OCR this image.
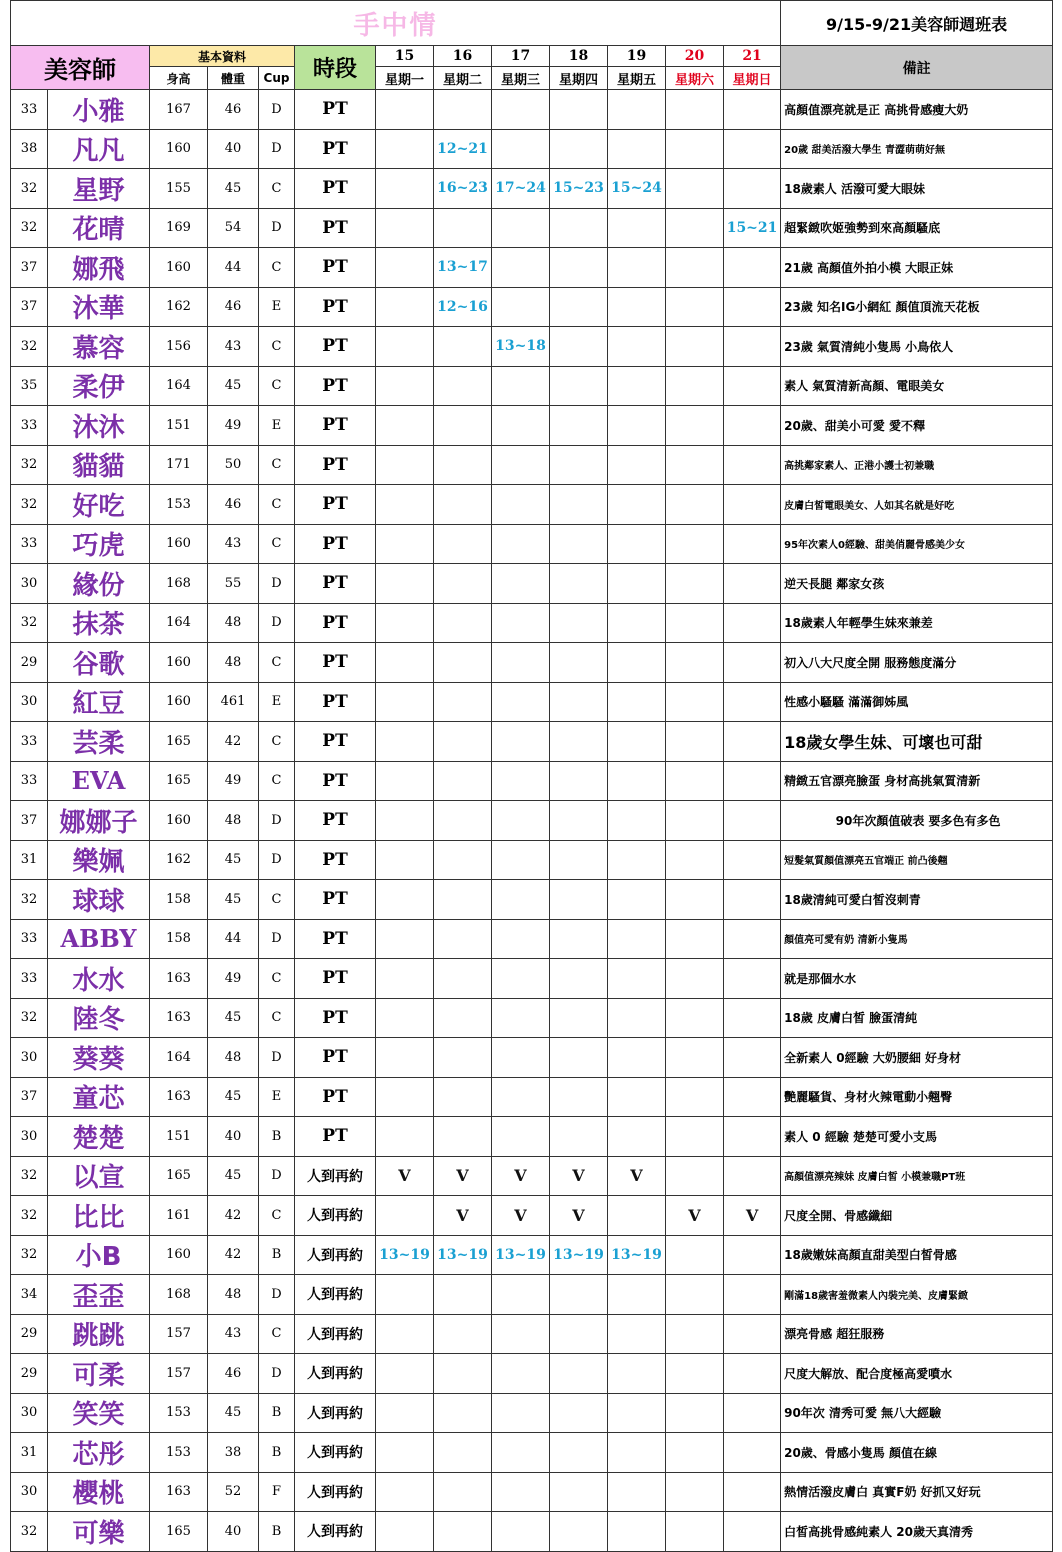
手中情													9/15-9/21美容師週班表
美容師		基本資料			時段	15	16	17	18	19	20	21	備註
		身高	體重	Cup		星期一	星期二	星期三	星期四	星期五	星期六	星期日	
33	小雅	167	46	D	PT								高顏值漂亮就是正 高挑骨感瘦大奶
38	凡凡	160	40	D	PT		12~21						20歲 甜美活潑大學生 青澀萌萌好無
32	星野	155	45	C	PT		16~23	17~24	15~23	15~24			18歲素人 活潑可愛大眼妹
32	花晴	169	54	D	PT							15~21	超緊緻吹姬強勢到來高顏騷底
37	娜飛	160	44	C	PT		13~17						21歲 高顏值外拍小模 大眼正妹
37	沐華	162	46	E	PT		12~16						23歲 知名IG小網紅 顏值頂流天花板
32	慕容	156	43	C	PT			13~18					23歲 氣質清純小隻馬 小鳥依人
35	柔伊	164	45	C	PT								素人 氣質清新高顏、電眼美女
33	沐沐	151	49	E	PT								20歲、甜美小可愛 愛不釋
32	貓貓	171	50	C	PT								高挑鄰家素人、正港小護士初兼職
32	好吃	153	46	C	PT								皮膚白皙電眼美女、人如其名就是好吃
33	巧虎	160	43	C	PT								95年次素人0經驗、甜美俏麗骨感美少女
30	緣份	168	55	D	PT								逆天長腿 鄰家女孩
32	抹茶	164	48	D	PT								18歲素人年輕學生妹來兼差
29	谷歌	160	48	C	PT								初入八大尺度全開 服務態度滿分
30	紅豆	160	461	E	PT								性感小騷騷 滿滿御姊風
33	芸柔	165	42	C	PT								18歲女學生妹、可壞也可甜
33	EVA	165	49	C	PT								精緻五官漂亮臉蛋 身材高挑氣質清新
37	娜娜子	160	48	D	PT								90年次顏值破表 要多色有多色
31	樂姵	162	45	D	PT								短髮氣質顏值漂亮五官端正 前凸後翹
32	球球	158	45	C	PT								18歲清純可愛白皙沒刺青
33	ABBY	158	44	D	PT								顏值亮可愛有奶 清新小隻馬
33	水水	163	49	C	PT								就是那個水水
32	陸冬	163	45	C	PT								18歲 皮膚白皙 臉蛋清純
30	葵葵	164	48	D	PT								全新素人 0經驗 大奶腰細 好身材
37	童芯	163	45	E	PT								艷麗騷貨、身材火辣電動小翹臀
30	楚楚	151	40	B	PT								素人 0 經驗 楚楚可愛小支馬
32	以宣	165	45	D	人到再約	V	V	V	V	V			高顏值漂亮辣妹 皮膚白皙 小模兼職PT班
32	比比	161	42	C	人到再約		V	V	V		V	V	尺度全開、骨感纖細
32	小B	160	42	B	人到再約	13~19	13~19	13~19	13~19	13~19			18歲嫩妹高顏直甜美型白皙骨感
34	歪歪	168	48	D	人到再約								剛滿18歲害羞微素人內裝完美、皮膚緊緻
29	跳跳	157	43	C	人到再約								漂亮骨感 超狂服務
29	可柔	157	46	D	人到再約								尺度大解放、配合度極高愛噴水
30	笑笑	153	45	B	人到再約								90年次 清秀可愛 無八大經驗
31	芯彤	153	38	B	人到再約								20歲、骨感小隻馬 顏值在線
30	櫻桃	163	52	F	人到再約								熱情活潑皮膚白 真實F奶 好抓又好玩
32	可樂	165	40	B	人到再約								白皙高挑骨感純素人 20歲天真清秀
